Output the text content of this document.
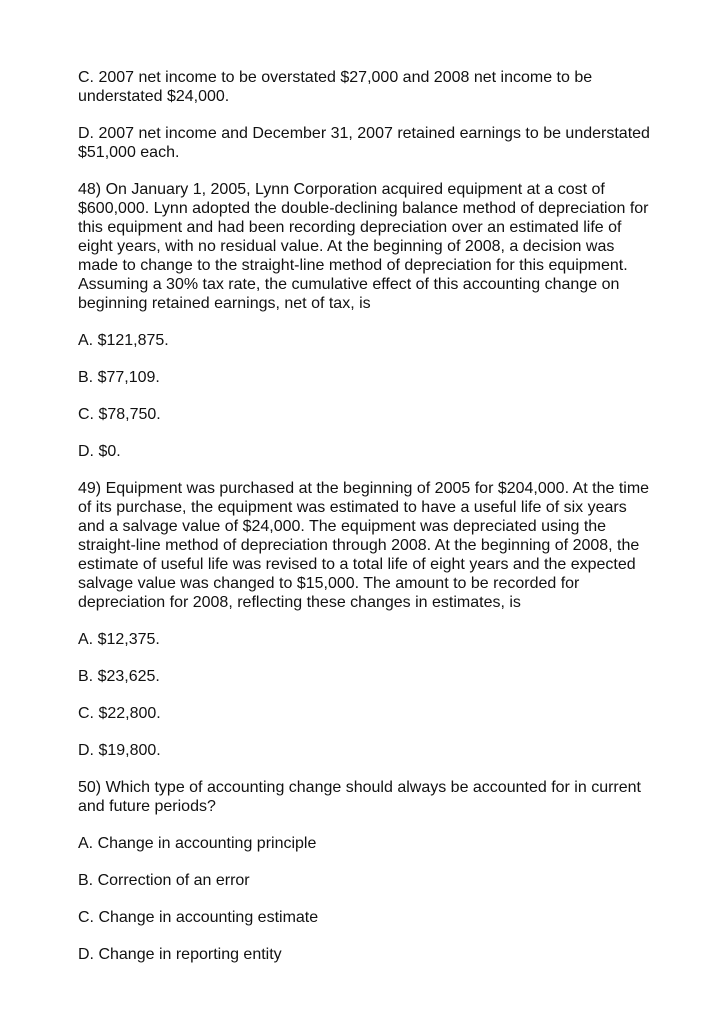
C. 2007 net income to be overstated $27,000 and 2008 net income to be
understated $24,000.
D. 2007 net income and December 31, 2007 retained earnings to be understated
$51,000 each.
48) On January 1, 2005, Lynn Corporation acquired equipment at a cost of
$600,000. Lynn adopted the double-declining balance method of depreciation for
this equipment and had been recording depreciation over an estimated life of
eight years, with no residual value. At the beginning of 2008, a decision was
made to change to the straight-line method of depreciation for this equipment.
Assuming a 30% tax rate, the cumulative effect of this accounting change on
beginning retained earnings, net of tax, is
A. $121,875.
B. $77,109.
C. $78,750.
D. $0.
49) Equipment was purchased at the beginning of 2005 for $204,000. At the time
of its purchase, the equipment was estimated to have a useful life of six years
and a salvage value of $24,000. The equipment was depreciated using the
straight-line method of depreciation through 2008. At the beginning of 2008, the
estimate of useful life was revised to a total life of eight years and the expected
salvage value was changed to $15,000. The amount to be recorded for
depreciation for 2008, reflecting these changes in estimates, is
A. $12,375.
B. $23,625.
C. $22,800.
D. $19,800.
50) Which type of accounting change should always be accounted for in current
and future periods?
A. Change in accounting principle
B. Correction of an error
C. Change in accounting estimate
D. Change in reporting entity
